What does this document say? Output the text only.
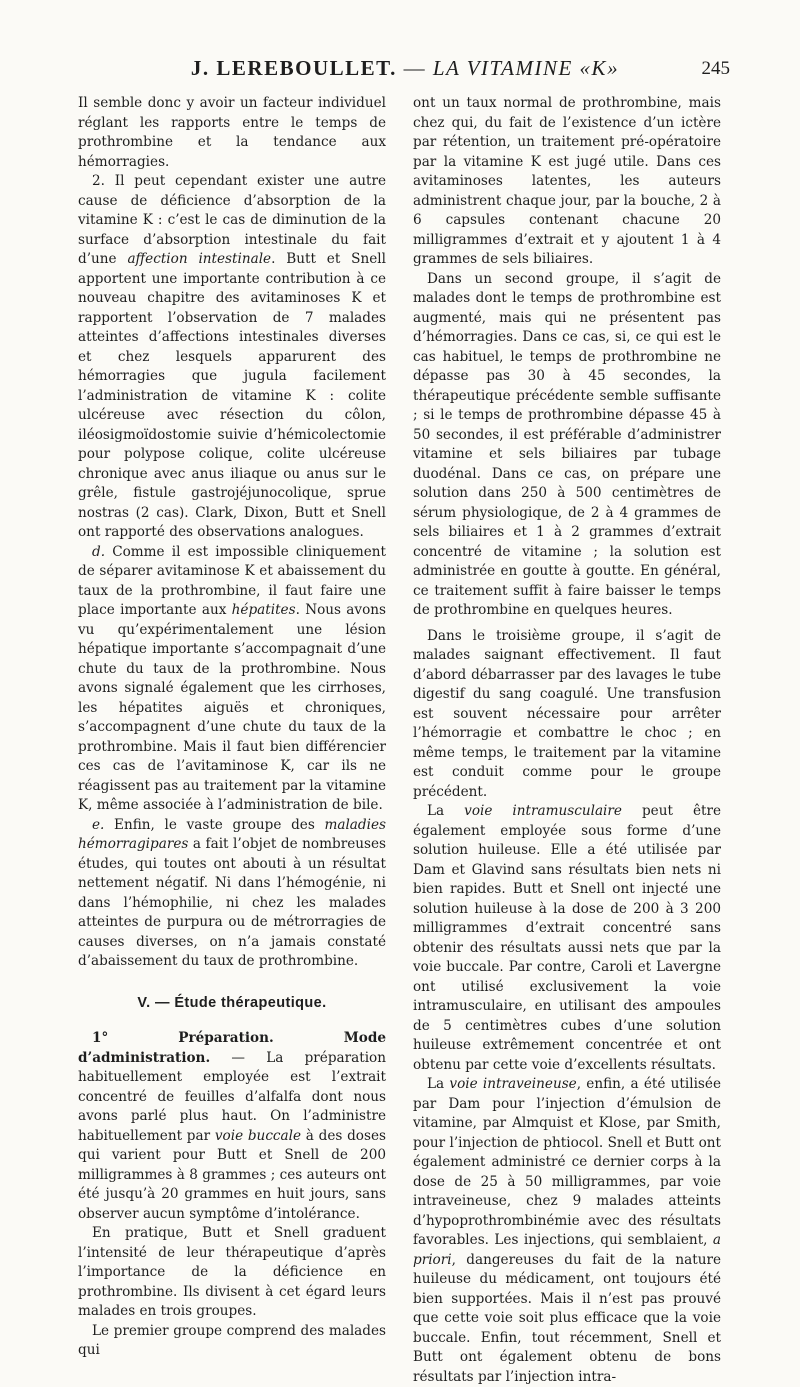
J. LEREBOULLET. — LA VITAMINE «K»	245

Il semble donc y avoir un facteur individuel réglant les rapports entre le temps de prothrombine et la tendance aux hémorragies.

2. Il peut cependant exister une autre cause de déficience d’absorption de la vitamine K : c’est le cas de diminution de la surface d’absorption intestinale du fait d’une affection intestinale. Butt et Snell apportent une importante contribution à ce nouveau chapitre des avitaminoses K et rapportent l’observation de 7 malades atteintes d’affections intestinales diverses et chez lesquels apparurent des hémorragies que jugula facilement l’administration de vitamine K : colite ulcéreuse avec résection du côlon, iléosigmoïdostomie suivie d’hémicolectomie pour polypose colique, colite ulcéreuse chronique avec anus iliaque ou anus sur le grêle, fistule gastrojéjunocolique, sprue nostras (2 cas). Clark, Dixon, Butt et Snell ont rapporté des observations analogues.

d. Comme il est impossible cliniquement de séparer avitaminose K et abaissement du taux de la prothrombine, il faut faire une place importante aux hépatites. Nous avons vu qu’expérimentalement une lésion hépatique importante s’accompagnait d’une chute du taux de la prothrombine. Nous avons signalé également que les cirrhoses, les hépatites aiguës et chroniques, s’accompagnent d’une chute du taux de la prothrombine. Mais il faut bien différencier ces cas de l’avitaminose K, car ils ne réagissent pas au traitement par la vitamine K, même associée à l’administration de bile.

e. Enfin, le vaste groupe des maladies hémorragipares a fait l’objet de nombreuses études, qui toutes ont abouti à un résultat nettement négatif. Ni dans l’hémogénie, ni dans l’hémophilie, ni chez les malades atteintes de purpura ou de métrorragies de causes diverses, on n’a jamais constaté d’abaissement du taux de prothrombine.

V. — Étude thérapeutique.

1° Préparation. Mode d’administration. — La préparation habituellement employée est l’extrait concentré de feuilles d’alfalfa dont nous avons parlé plus haut. On l’administre habituellement par voie buccale à des doses qui varient pour Butt et Snell de 200 milligrammes à 8 grammes ; ces auteurs ont été jusqu’à 20 grammes en huit jours, sans observer aucun symptôme d’intolérance.

En pratique, Butt et Snell graduent l’intensité de leur thérapeutique d’après l’importance de la déficience en prothrombine. Ils divisent à cet égard leurs malades en trois groupes.

Le premier groupe comprend des malades qui

ont un taux normal de prothrombine, mais chez qui, du fait de l’existence d’un ictère par rétention, un traitement pré-opératoire par la vitamine K est jugé utile. Dans ces avitaminoses latentes, les auteurs administrent chaque jour, par la bouche, 2 à 6 capsules contenant chacune 20 milligrammes d’extrait et y ajoutent 1 à 4 grammes de sels biliaires.

Dans un second groupe, il s’agit de malades dont le temps de prothrombine est augmenté, mais qui ne présentent pas d’hémorragies. Dans ce cas, si, ce qui est le cas habituel, le temps de prothrombine ne dépasse pas 30 à 45 secondes, la thérapeutique précédente semble suffisante ; si le temps de prothrombine dépasse 45 à 50 secondes, il est préférable d’administrer vitamine et sels biliaires par tubage duodénal. Dans ce cas, on prépare une solution dans 250 à 500 centimètres de sérum physiologique, de 2 à 4 grammes de sels biliaires et 1 à 2 grammes d’extrait concentré de vitamine ; la solution est administrée en goutte à goutte. En général, ce traitement suffit à faire baisser le temps de prothrombine en quelques heures.

Dans le troisième groupe, il s’agit de malades saignant effectivement. Il faut d’abord débarrasser par des lavages le tube digestif du sang coagulé. Une transfusion est souvent nécessaire pour arrêter l’hémorragie et combattre le choc ; en même temps, le traitement par la vitamine est conduit comme pour le groupe précédent.

La voie intramusculaire peut être également employée sous forme d’une solution huileuse. Elle a été utilisée par Dam et Glavind sans résultats bien nets ni bien rapides. Butt et Snell ont injecté une solution huileuse à la dose de 200 à 3 200 milligrammes d’extrait concentré sans obtenir des résultats aussi nets que par la voie buccale. Par contre, Caroli et Lavergne ont utilisé exclusivement la voie intramusculaire, en utilisant des ampoules de 5 centimètres cubes d’une solution huileuse extrêmement concentrée et ont obtenu par cette voie d’excellents résultats.

La voie intraveineuse, enfin, a été utilisée par Dam pour l’injection d’émulsion de vitamine, par Almquist et Klose, par Smith, pour l’injection de phtiocol. Snell et Butt ont également administré ce dernier corps à la dose de 25 à 50 milligrammes, par voie intraveineuse, chez 9 malades atteints d’hypoprothrombinémie avec des résultats favorables. Les injections, qui semblaient, a priori, dangereuses du fait de la nature huileuse du médicament, ont toujours été bien supportées. Mais il n’est pas prouvé que cette voie soit plus efficace que la voie buccale. Enfin, tout récemment, Snell et Butt ont également obtenu de bons résultats par l’injection intra-
